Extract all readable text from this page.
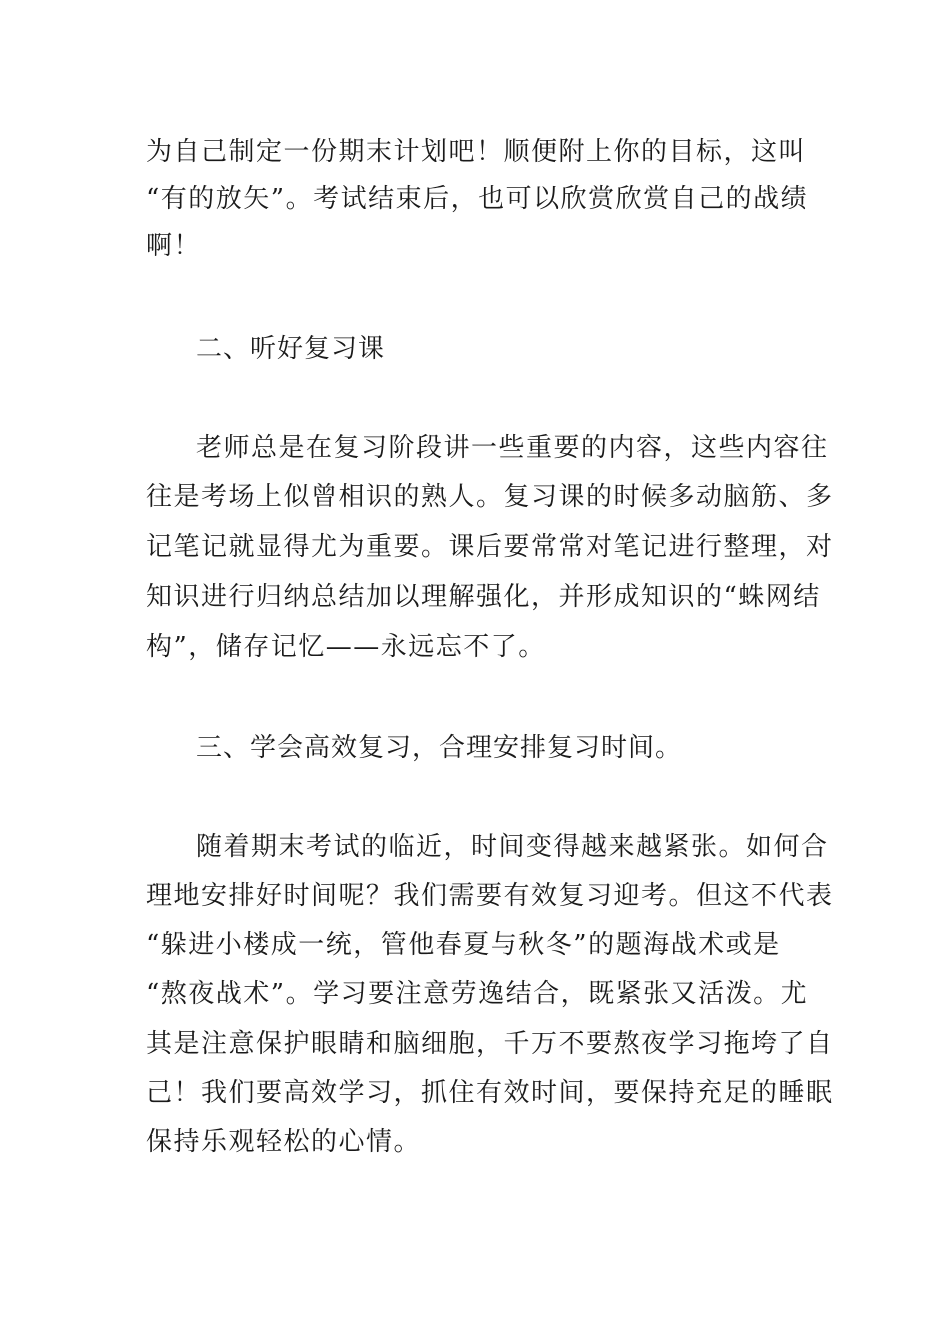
为自己制定一份期末计划吧！顺便附上你的目标，这叫
“有的放矢”。考试结束后，也可以欣赏欣赏自己的战绩
啊！
二、听好复习课
老师总是在复习阶段讲一些重要的内容，这些内容往
往是考场上似曾相识的熟人。复习课的时候多动脑筋、多
记笔记就显得尤为重要。课后要常常对笔记进行整理，对
知识进行归纳总结加以理解强化，并形成知识的“蛛网结
构”，储存记忆——永远忘不了。
三、学会高效复习，合理安排复习时间。
随着期末考试的临近，时间变得越来越紧张。如何合
理地安排好时间呢？我们需要有效复习迎考。但这不代表
“躲进小楼成一统，管他春夏与秋冬”的题海战术或是
“熬夜战术”。学习要注意劳逸结合，既紧张又活泼。尤
其是注意保护眼睛和脑细胞，千万不要熬夜学习拖垮了自
己！我们要高效学习，抓住有效时间，要保持充足的睡眠
保持乐观轻松的心情。
